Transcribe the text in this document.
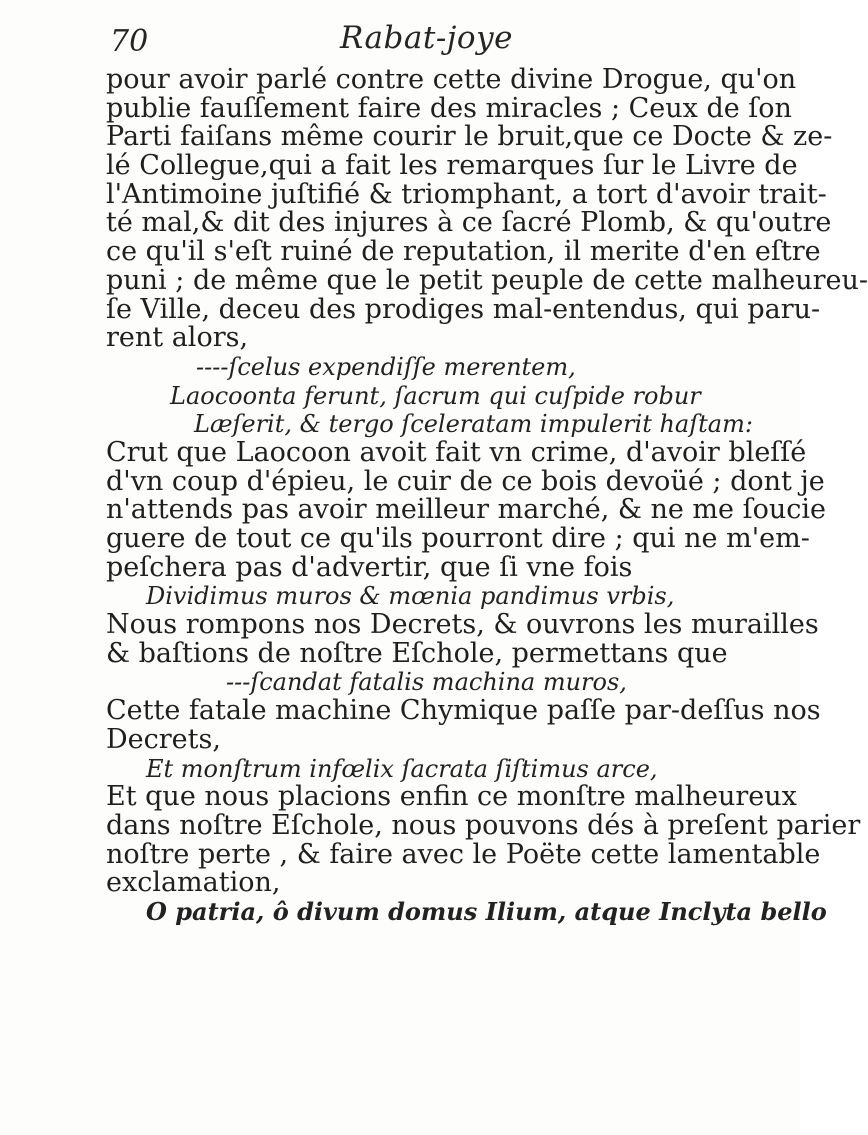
70	Rabat-joye
pour avoir parlé contre cette divine Drogue, qu'on
publie fauſſement faire des miracles ; Ceux de ſon
Parti faiſans même courir le bruit,que ce Docte & ze-
lé Collegue,qui a fait les remarques ſur le Livre de
l'Antimoine juſtifié & triomphant, a tort d'avoir trait-
té mal,& dit des injures à ce ſacré Plomb, & qu'outre
ce qu'il s'eſt ruiné de reputation, il merite d'en eſtre
puni ; de même que le petit peuple de cette malheureu-
ſe Ville, deceu des prodiges mal-entendus, qui paru-
rent alors,
----ſcelus expendiſſe merentem,
Laocoonta ferunt, ſacrum qui cuſpide robur
Læſerit, & tergo ſceleratam impulerit haſtam:
Crut que Laocoon avoit fait vn crime, d'avoir bleſſé
d'vn coup d'épieu, le cuir de ce bois devoüé ; dont je
n'attends pas avoir meilleur marché, & ne me ſoucie
guere de tout ce qu'ils pourront dire ; qui ne m'em-
peſchera pas d'advertir, que ſi vne fois
Dividimus muros & mœnia pandimus vrbis,
Nous rompons nos Decrets, & ouvrons les murailles
& baſtions de noſtre Eſchole, permettans que
---ſcandat fatalis machina muros,
Cette fatale machine Chymique paſſe par-deſſus nos
Decrets,
Et monſtrum infœlix ſacrata ſiſtimus arce,
Et que nous placions enfin ce monſtre malheureux
dans noſtre Eſchole, nous pouvons dés à preſent parier
noſtre perte , & faire avec le Poëte cette lamentable
exclamation,
O patria, ô divum domus Ilium, atque Inclyta bello
